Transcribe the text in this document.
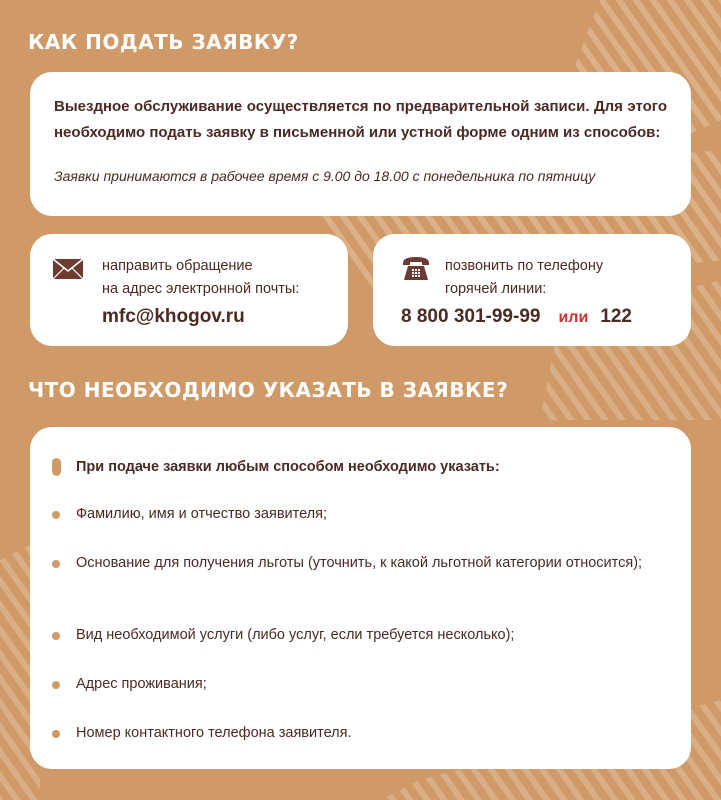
КАК ПОДАТЬ ЗАЯВКУ?

Выездное обслуживание осуществляется по предварительной записи. Для этого необходимо подать заявку в письменной или устной форме одним из способов:

Заявки принимаются в рабочее время с 9.00 до 18.00 с понедельника по пятницу

направить обращение
на адрес электронной почты:
mfc@khogov.ru
позвонить по телефону
горячей линии:
8 800 301-99-99 или 122
ЧТО НЕОБХОДИМО УКАЗАТЬ В ЗАЯВКЕ?
При подаче заявки любым способом необходимо указать:
Фамилию, имя и отчество заявителя;
Основание для получения льготы (уточнить, к какой льготной категории относится);
Вид необходимой услуги (либо услуг, если требуется несколько);
Адрес проживания;
Номер контактного телефона заявителя.
